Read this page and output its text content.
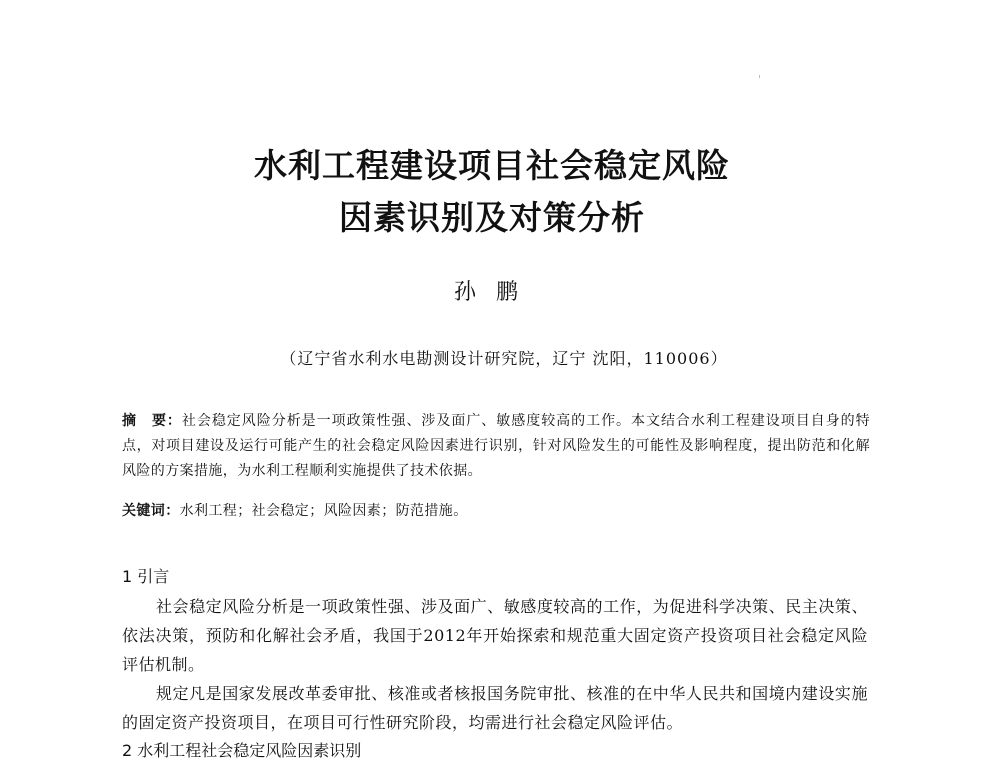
水利工程建设项目社会稳定风险
因素识别及对策分析
孙鹏
（辽宁省水利水电勘测设计研究院，辽宁 沈阳，110006）
摘　要：社会稳定风险分析是一项政策性强、涉及面广、敏感度较高的工作。本文结合水利工程建设项目自身的特点，对项目建设及运行可能产生的社会稳定风险因素进行识别，针对风险发生的可能性及影响程度，提出防范和化解风险的方案措施，为水利工程顺利实施提供了技术依据。
关键词：水利工程；社会稳定；风险因素；防范措施。
1 引言
社会稳定风险分析是一项政策性强、涉及面广、敏感度较高的工作，为促进科学决策、民主决策、依法决策，预防和化解社会矛盾，我国于2012年开始探索和规范重大固定资产投资项目社会稳定风险评估机制。
规定凡是国家发展改革委审批、核准或者核报国务院审批、核准的在中华人民共和国境内建设实施的固定资产投资项目，在项目可行性研究阶段，均需进行社会稳定风险评估。
2 水利工程社会稳定风险因素识别
